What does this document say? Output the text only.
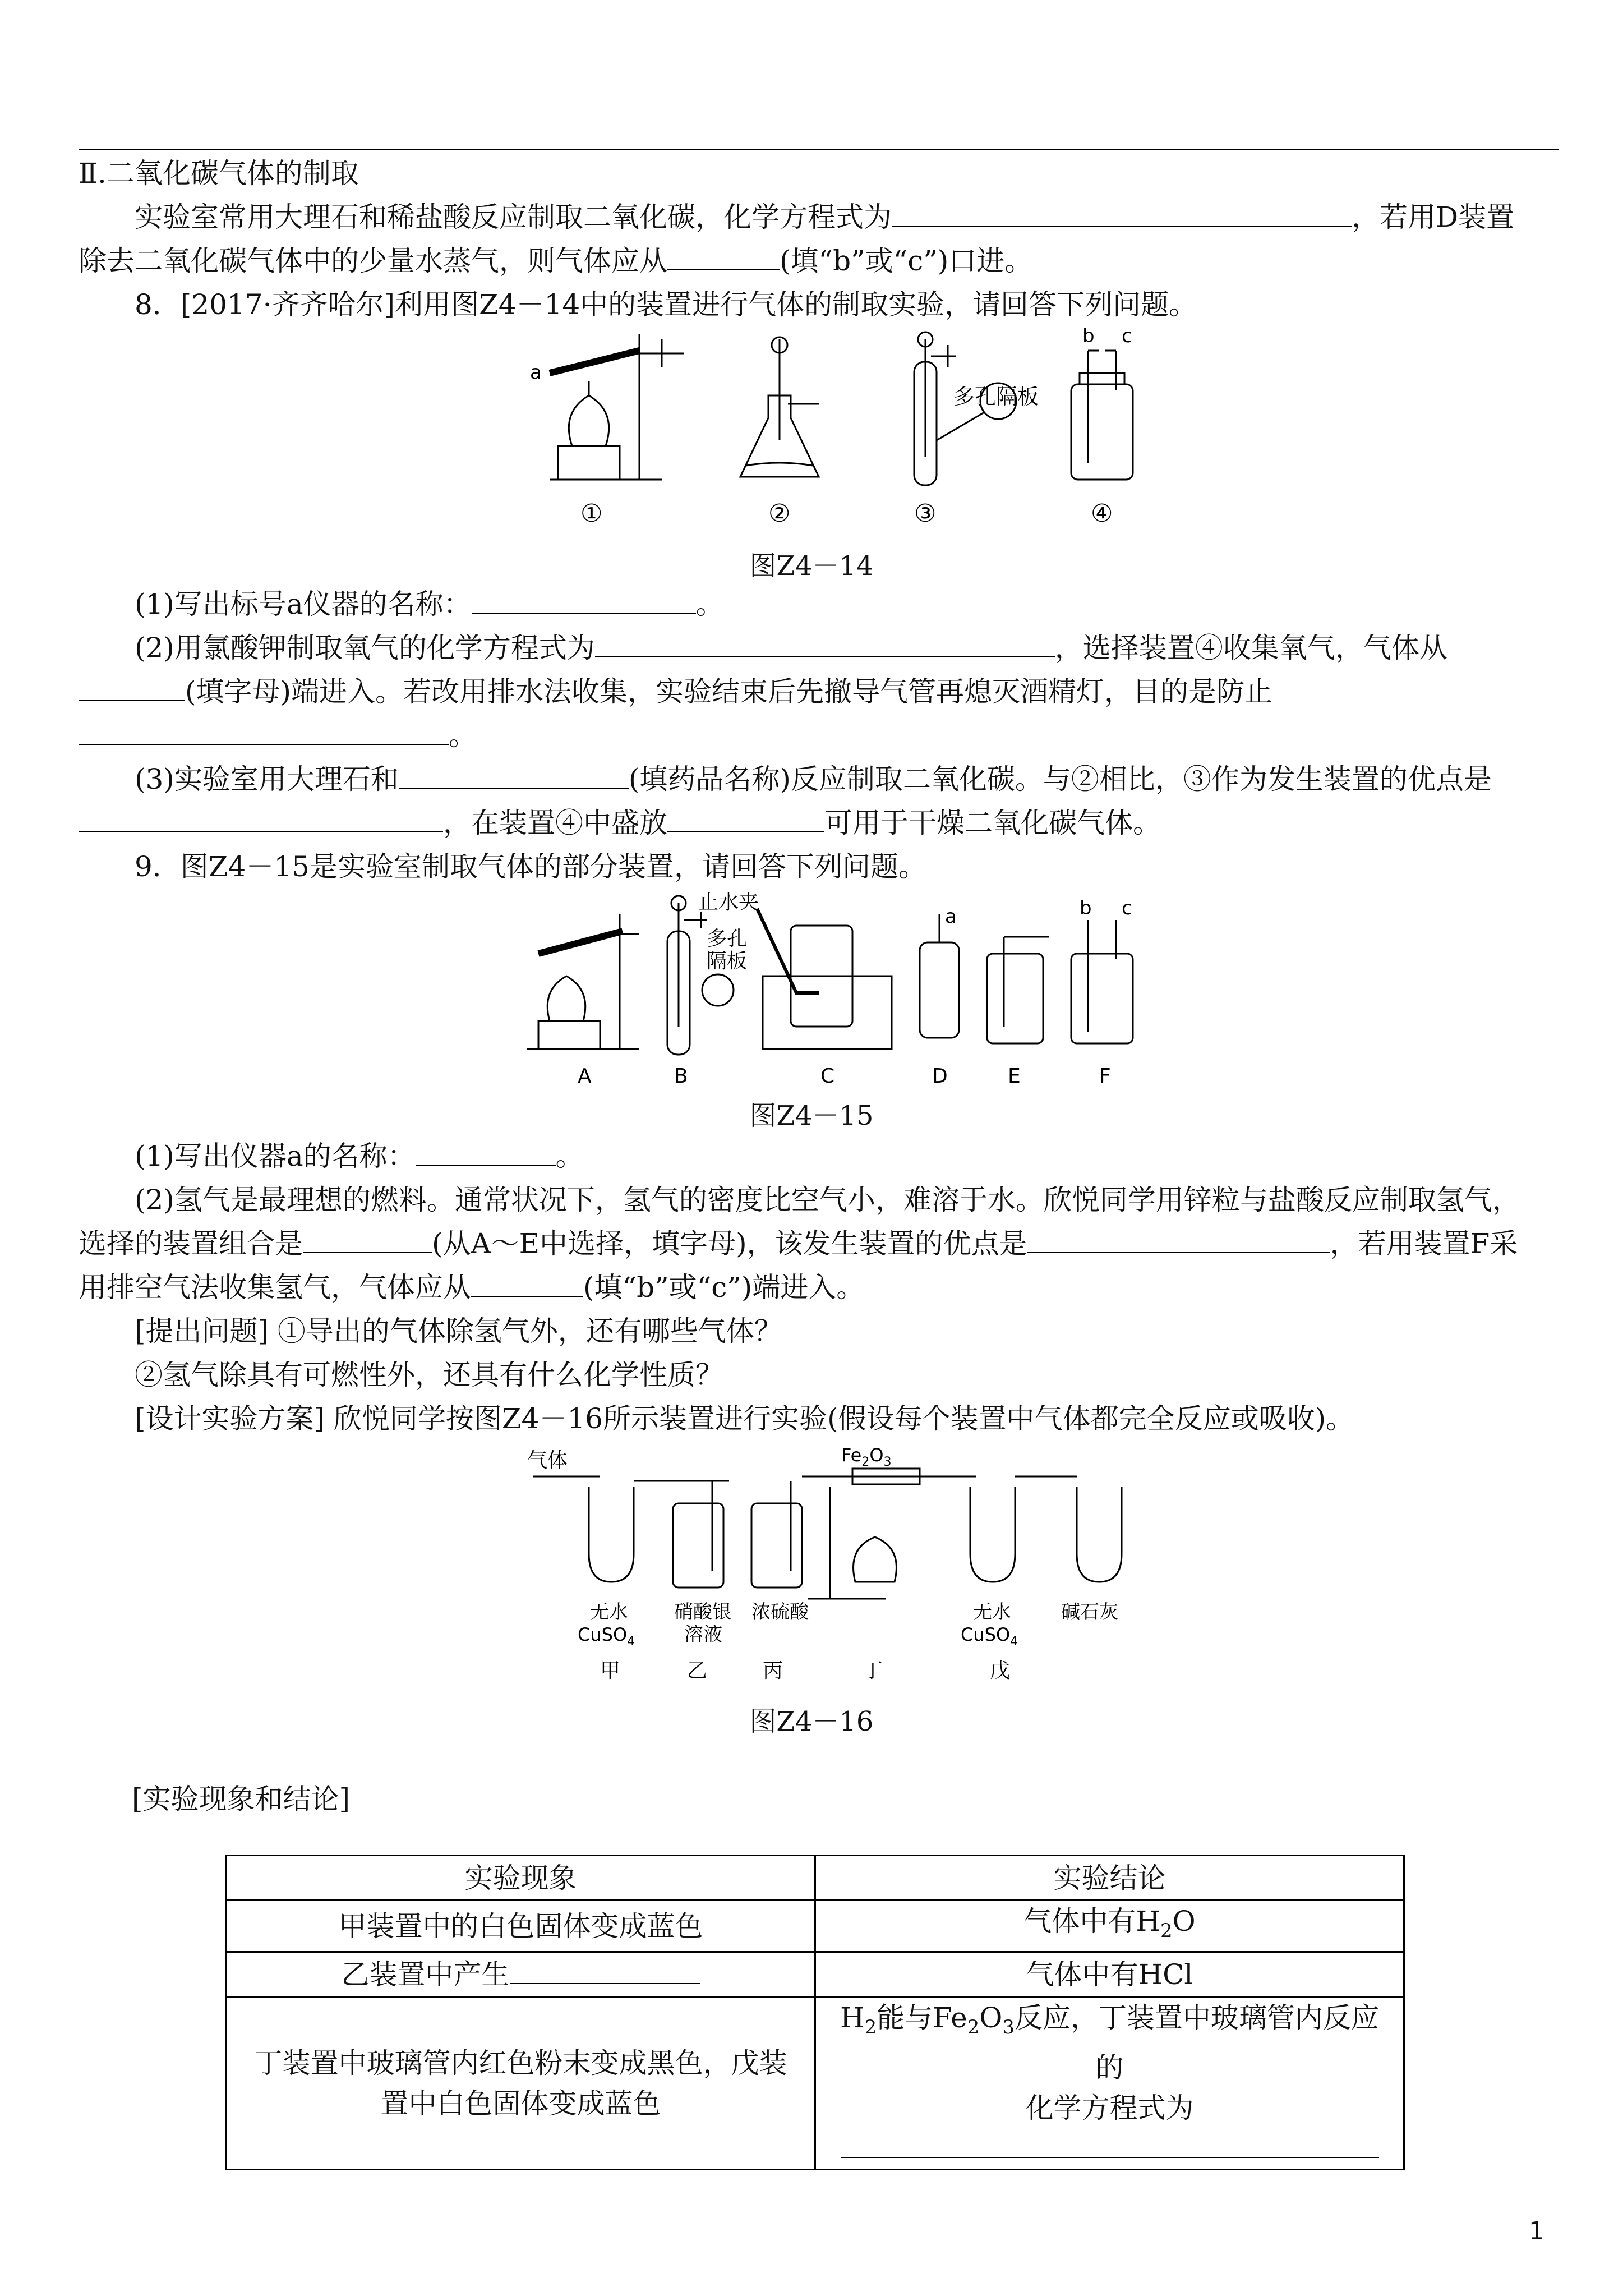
Ⅱ.二氧化碳气体的制取
实验室常用大理石和稀盐酸反应制取二氧化碳，化学方程式为	，若用D装置
除去二氧化碳气体中的少量水蒸气，则气体应从	(填“b”或“c”)口进。
8．[2017·齐齐哈尔]利用图Z4－14中的装置进行气体的制取实验，请回答下列问题。
a
b c
多孔隔板
①	②	③	④
图Z4－14
(1)写出标号a仪器的名称：	。
(2)用氯酸钾制取氧气的化学方程式为	，选择装置④收集氧气，气体从
(填字母)端进入。若改用排水法收集，实验结束后先撤导气管再熄灭酒精灯，目的是防止
。
(3)实验室用大理石和	(填药品名称)反应制取二氧化碳。与②相比，③作为发生装置的优点是
，在装置④中盛放	可用于干燥二氧化碳气体。
9．图Z4－15是实验室制取气体的部分装置，请回答下列问题。
止水夹
多孔
隔板
a	b c
A	B	C	D	E	F
图Z4－15
(1)写出仪器a的名称：	。
(2)氢气是最理想的燃料。通常状况下，氢气的密度比空气小，难溶于水。欣悦同学用锌粒与盐酸反应制取氢气，
选择的装置组合是	(从A～E中选择，填字母)，该发生装置的优点是	，若用装置F采
用排空气法收集氢气，气体应从	(填“b”或“c”)端进入。
[提出问题] ①导出的气体除氢气外，还有哪些气体？
②氢气除具有可燃性外，还具有什么化学性质？
[设计实验方案] 欣悦同学按图Z4－16所示装置进行实验(假设每个装置中气体都完全反应或吸收)。
气体	$Fe_2O_3$
无水
CuSO$_4$
硝酸银
溶液
浓硫酸	碱石灰
无水
CuSO$_4$
甲	乙	丙	丁	戊
图Z4－16
[实验现象和结论]
实验现象	实验结论
甲装置中的白色固体变成蓝色	气体中有$H_2O$
乙装置中产生	气体中有HCl
丁装置中玻璃管内红色粉末变成黑色，戊装
置中白色固体变成蓝色	$H_2$能与$Fe_2O_3$反应，丁装置中玻璃管内反应的
化学方程式为

1
